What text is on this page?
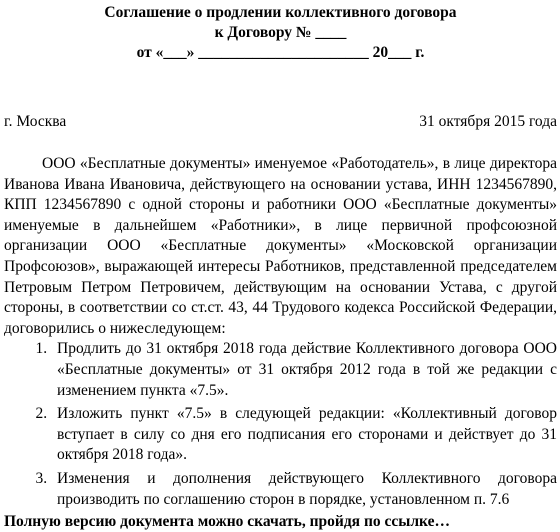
Соглашение о продлении коллективного договора
к Договору № ____
от «___» ______________________ 20___ г.
г. Москва	31 октября 2015 года
ООО «Бесплатные документы» именуемое «Работодатель», в лице директора Иванова Ивана Ивановича, действующего на основании устава, ИНН 1234567890, КПП 1234567890 с одной стороны и работники ООО «Бесплатные документы» именуемые в дальнейшем «Работники», в лице первичной профсоюзной организации ООО «Бесплатные документы» «Московской организации Профсоюзов», выражающей интересы Работников, представленной председателем Петровым Петром Петровичем, действующим на основании Устава, с другой стороны, в соответствии со ст.ст. 43, 44 Трудового кодекса Российской Федерации, договорились о нижеследующем:
1. Продлить до 31 октября 2018 года действие Коллективного договора ООО «Бесплатные документы» от 31 октября 2012 года в той же редакции с изменением пункта «7.5».
2. Изложить пункт «7.5» в следующей редакции: «Коллективный договор вступает в силу со дня его подписания его сторонами и действует до 31 октября 2018 года».
3. Изменения и дополнения действующего Коллективного договора производить по соглашению сторон в порядке, установленном п. 7.6
Полную версию документа можно скачать, пройдя по ссылке…
